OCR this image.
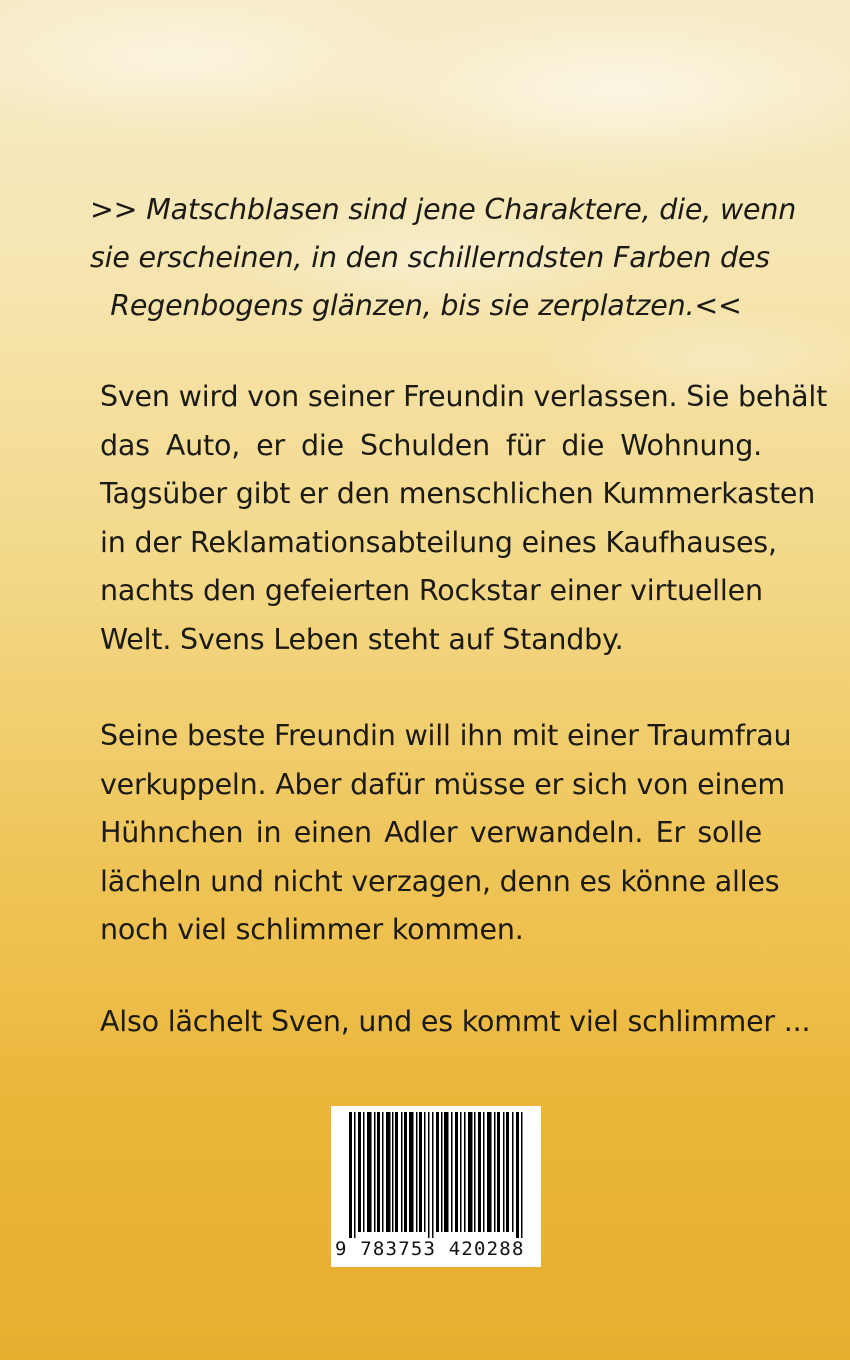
>> Matschblasen sind jene Charaktere, die, wenn
sie erscheinen, in den schillerndsten Farben des
Regenbogens glänzen, bis sie zerplatzen.<<
Sven wird von seiner Freundin verlassen. Sie behält
das Auto, er die Schulden für die Wohnung.
Tagsüber gibt er den menschlichen Kummerkasten
in der Reklamationsabteilung eines Kaufhauses,
nachts den gefeierten Rockstar einer virtuellen
Welt. Svens Leben steht auf Standby.
Seine beste Freundin will ihn mit einer Traumfrau
verkuppeln. Aber dafür müsse er sich von einem
Hühnchen in einen Adler verwandeln. Er solle
lächeln und nicht verzagen, denn es könne alles
noch viel schlimmer kommen.
Also lächelt Sven, und es kommt viel schlimmer ...
9 783753 420288
